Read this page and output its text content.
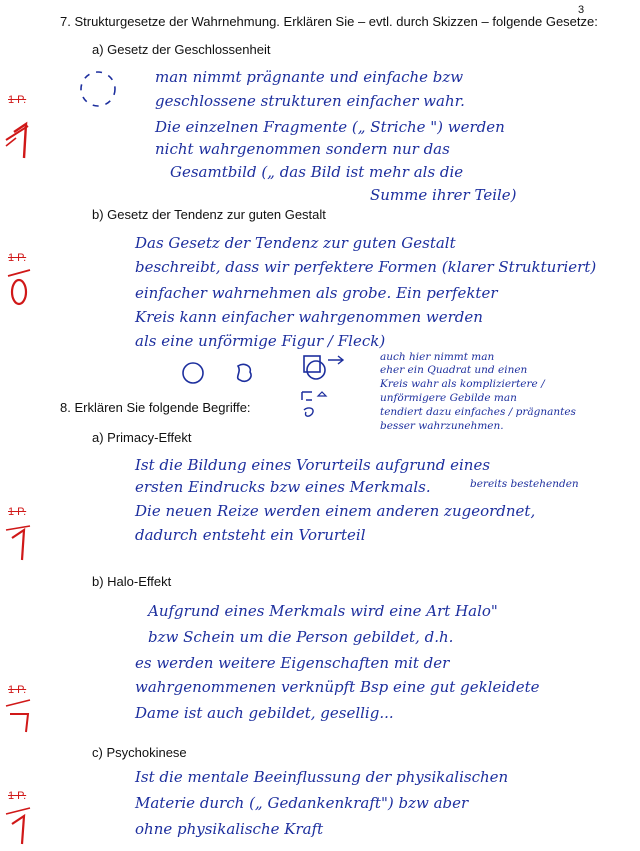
3
7. Strukturgesetze der Wahrnehmung. Erklären Sie – evtl. durch Skizzen – folgende Gesetze:
a) Gesetz der Geschlossenheit
1 P.
man nimmt prägnante und einfache bzw
geschlossene strukturen einfacher wahr.
Die einzelnen Fragmente („ Striche ") werden
nicht wahrgenommen sondern nur das
Gesamtbild („ das Bild ist mehr als die
Summe ihrer Teile)
b) Gesetz der Tendenz zur guten Gestalt
1 P.
Das Gesetz der Tendenz zur guten Gestalt
beschreibt, dass wir perfektere Formen (klarer Strukturiert)
einfacher wahrnehmen als grobe. Ein perfekter
Kreis kann einfacher wahrgenommen werden
als eine unförmige Figur / Fleck)
auch hier nimmt man
eher ein Quadrat und einen
Kreis wahr als kompliziertere /
unförmigere Gebilde man
tendiert dazu einfaches / prägnantes
besser wahrzunehmen.
8. Erklären Sie folgende Begriffe:
a) Primacy-Effekt
bereits bestehenden
Ist die Bildung eines Vorurteils aufgrund eines
ersten Eindrucks bzw eines Merkmals.
Die neuen Reize werden einem anderen zugeordnet,
dadurch entsteht ein Vorurteil
1 P.
b) Halo-Effekt
Aufgrund eines Merkmals wird eine Art Halo"
bzw Schein um die Person gebildet, d.h.
es werden weitere Eigenschaften mit der
wahrgenommenen verknüpft Bsp eine gut gekleidete
Dame ist auch gebildet, gesellig...
1 P.
c) Psychokinese
Ist die mentale Beeinflussung der physikalischen
Materie durch („ Gedankenkraft") bzw aber
ohne physikalische Kraft
1 P.
